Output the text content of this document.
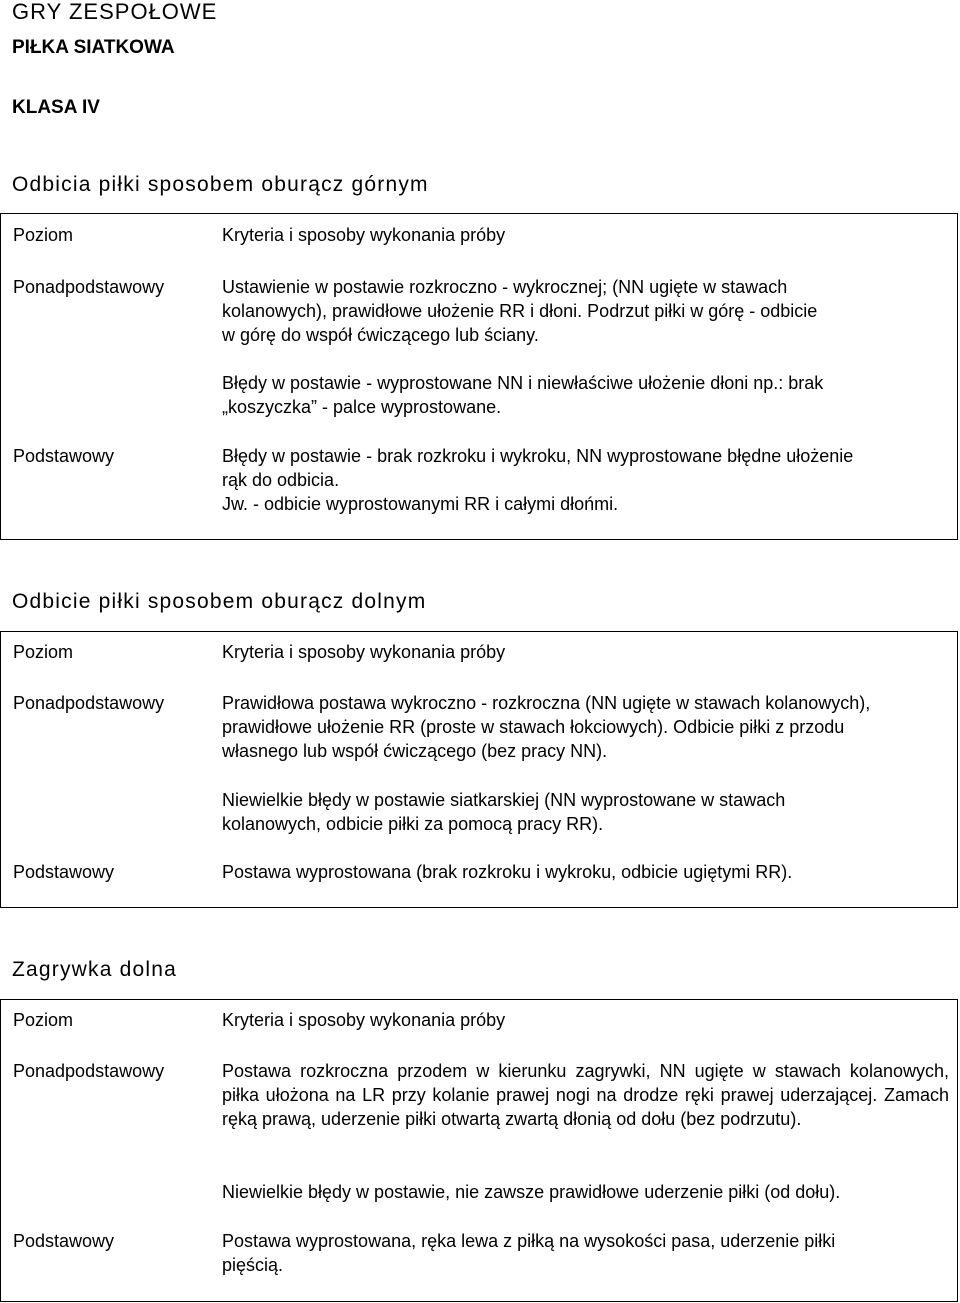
GRY ZESPOŁOWE
PIŁKA SIATKOWA
KLASA IV
Odbicia piłki sposobem oburącz górnym
Poziom	Kryteria i sposoby wykonania próby
Ponadpodstawowy	Ustawienie w postawie rozkroczno - wykrocznej; (NN ugięte w stawach

kolanowych), prawidłowe ułożenie RR i dłoni. Podrzut piłki w górę - odbicie

w górę do współ ćwiczącego lub ściany.

Błędy w postawie - wyprostowane NN i niewłaściwe ułożenie dłoni np.: brak

„koszyczka” - palce wyprostowane.

Podstawowy	Błędy w postawie - brak rozkroku i wykroku, NN wyprostowane błędne ułożenie

rąk do odbicia.

Jw. - odbicie wyprostowanymi RR i całymi dłońmi.

Odbicie piłki sposobem oburącz dolnym
Poziom	Kryteria i sposoby wykonania próby
Ponadpodstawowy	Prawidłowa postawa wykroczno - rozkroczna (NN ugięte w stawach kolanowych),

prawidłowe ułożenie RR (proste w stawach łokciowych). Odbicie piłki z przodu

własnego lub współ ćwiczącego (bez pracy NN).

Niewielkie błędy w postawie siatkarskiej (NN wyprostowane w stawach

kolanowych, odbicie piłki za pomocą pracy RR).

Podstawowy	Postawa wyprostowana (brak rozkroku i wykroku, odbicie ugiętymi RR).

Zagrywka dolna
Poziom	Kryteria i sposoby wykonania próby
Ponadpodstawowy	Postawa rozkroczna przodem w kierunku zagrywki, NN ugięte w stawach kolanowych, piłka ułożona na LR przy kolanie prawej nogi na drodze ręki prawej uderzającej. Zamach ręką prawą, uderzenie piłki otwartą zwartą dłonią od dołu (bez podrzutu).
Niewielkie błędy w postawie, nie zawsze prawidłowe uderzenie piłki (od dołu).
Podstawowy	Postawa wyprostowana, ręka lewa z piłką na wysokości pasa, uderzenie piłki

pięścią.
